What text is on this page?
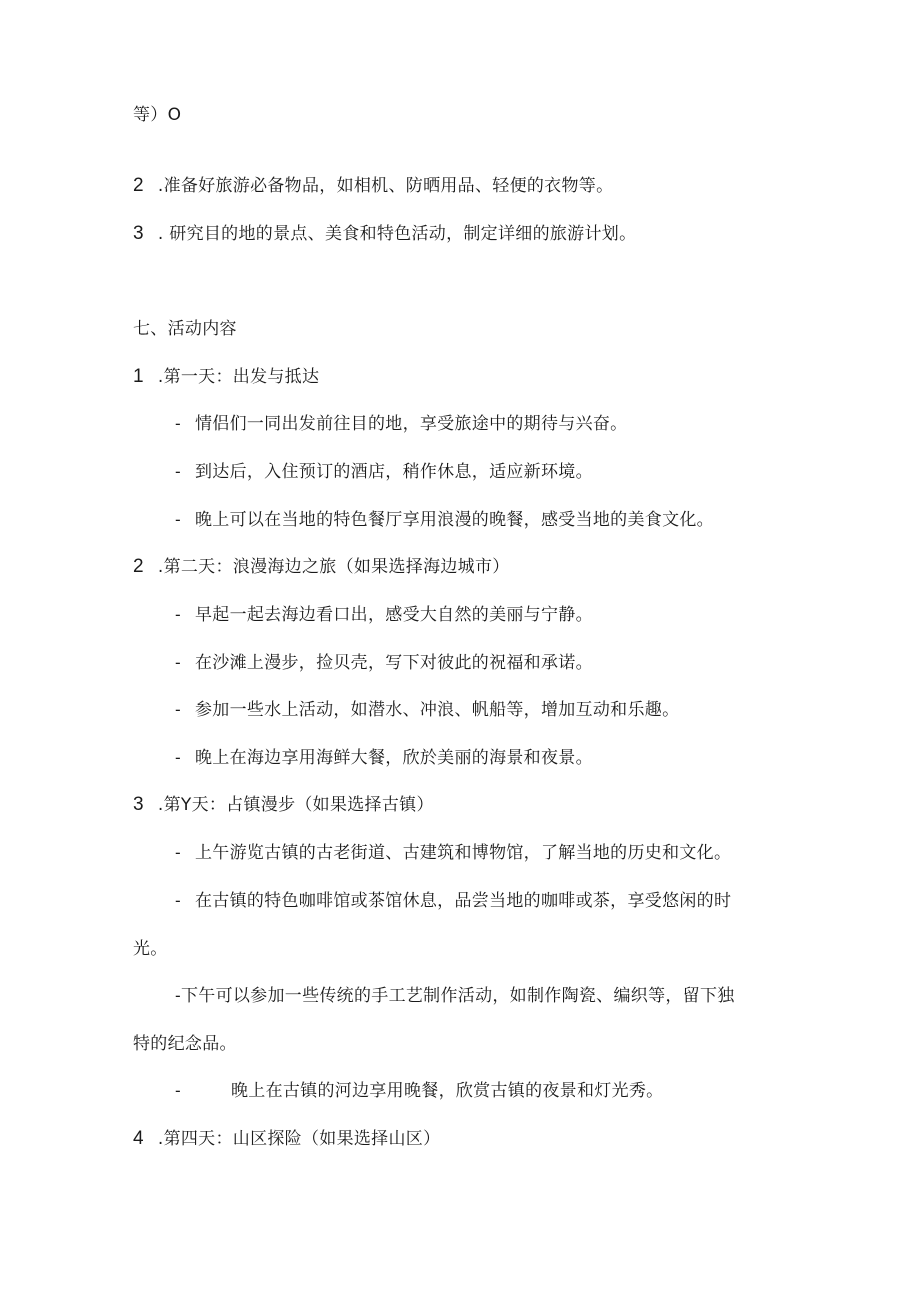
等）O
2 .准备好旅游必备物品，如相机、防晒用品、轻便的衣物等。
3 . 研究目的地的景点、美食和特色活动，制定详细的旅游计划。
七、活动内容
1 .第一天：出发与抵达
- 情侣们一同出发前往目的地，享受旅途中的期待与兴奋。
- 到达后，入住预订的酒店，稍作休息，适应新环境。
- 晚上可以在当地的特色餐厅享用浪漫的晚餐，感受当地的美食文化。
2 .第二天：浪漫海边之旅（如果选择海边城市）
- 早起一起去海边看口出，感受大自然的美丽与宁静。
- 在沙滩上漫步，捡贝壳，写下对彼此的祝福和承诺。
- 参加一些水上活动，如潜水、冲浪、帆船等，增加互动和乐趣。
- 晚上在海边享用海鲜大餐，欣於美丽的海景和夜景。
3 .第Y天：占镇漫步（如果选择古镇）
- 上午游览古镇的古老街道、古建筑和博物馆，了解当地的历史和文化。
- 在古镇的特色咖啡馆或茶馆休息，品尝当地的咖啡或茶，享受悠闲的时
光。
-下午可以参加一些传统的手工艺制作活动，如制作陶瓷、编织等，留下独
特的纪念品。
-	晚上在古镇的河边享用晚餐，欣赏古镇的夜景和灯光秀。
4 .第四天：山区探险（如果选择山区）
